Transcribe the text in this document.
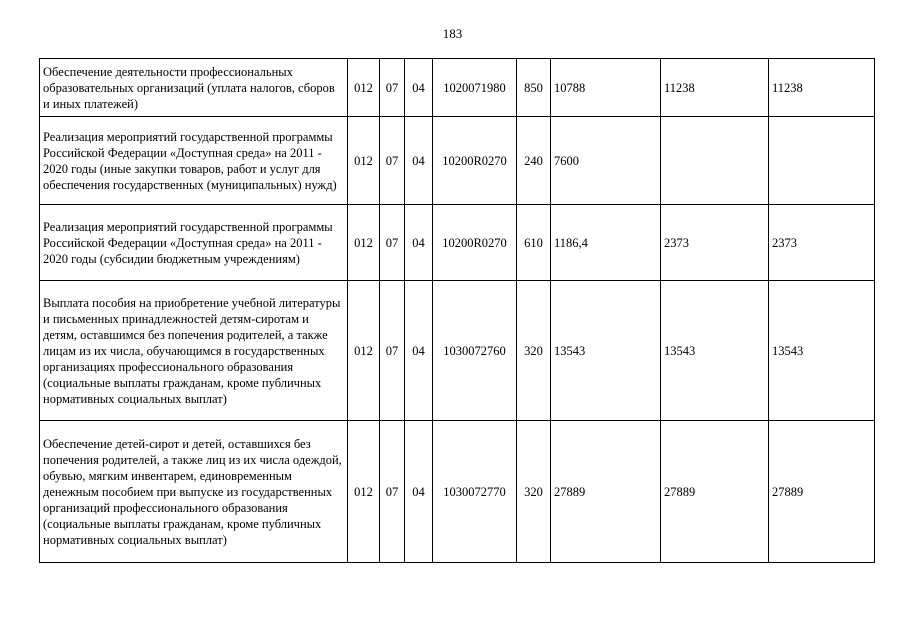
183
Обеспечение деятельности профессиональных образовательных организаций (уплата налогов, сборов и иных платежей)	012	07	04	1020071980	850	10788	11238	11238
Реализация мероприятий государственной программы Российской Федерации «Доступная среда» на 2011 - 2020 годы (иные закупки товаров, работ и услуг для обеспечения государственных (муниципальных) нужд)	012	07	04	10200R0270	240	7600		
Реализация мероприятий государственной программы Российской Федерации «Доступная среда» на 2011 - 2020 годы (субсидии бюджетным учреждениям)	012	07	04	10200R0270	610	1186,4	2373	2373
Выплата пособия на приобретение учебной литературы и письменных принадлежностей детям-сиротам и детям, оставшимся без попечения родителей, а также лицам из их числа, обучающимся в государственных организациях профессионального образования (социальные выплаты гражданам, кроме публичных нормативных социальных выплат)	012	07	04	1030072760	320	13543	13543	13543
Обеспечение детей-сирот и детей, оставшихся без попечения родителей, а также лиц из их числа одеждой, обувью, мягким инвентарем, единовременным денежным пособием при выпуске из государственных организаций профессионального образования (социальные выплаты гражданам, кроме публичных нормативных социальных выплат)	012	07	04	1030072770	320	27889	27889	27889
